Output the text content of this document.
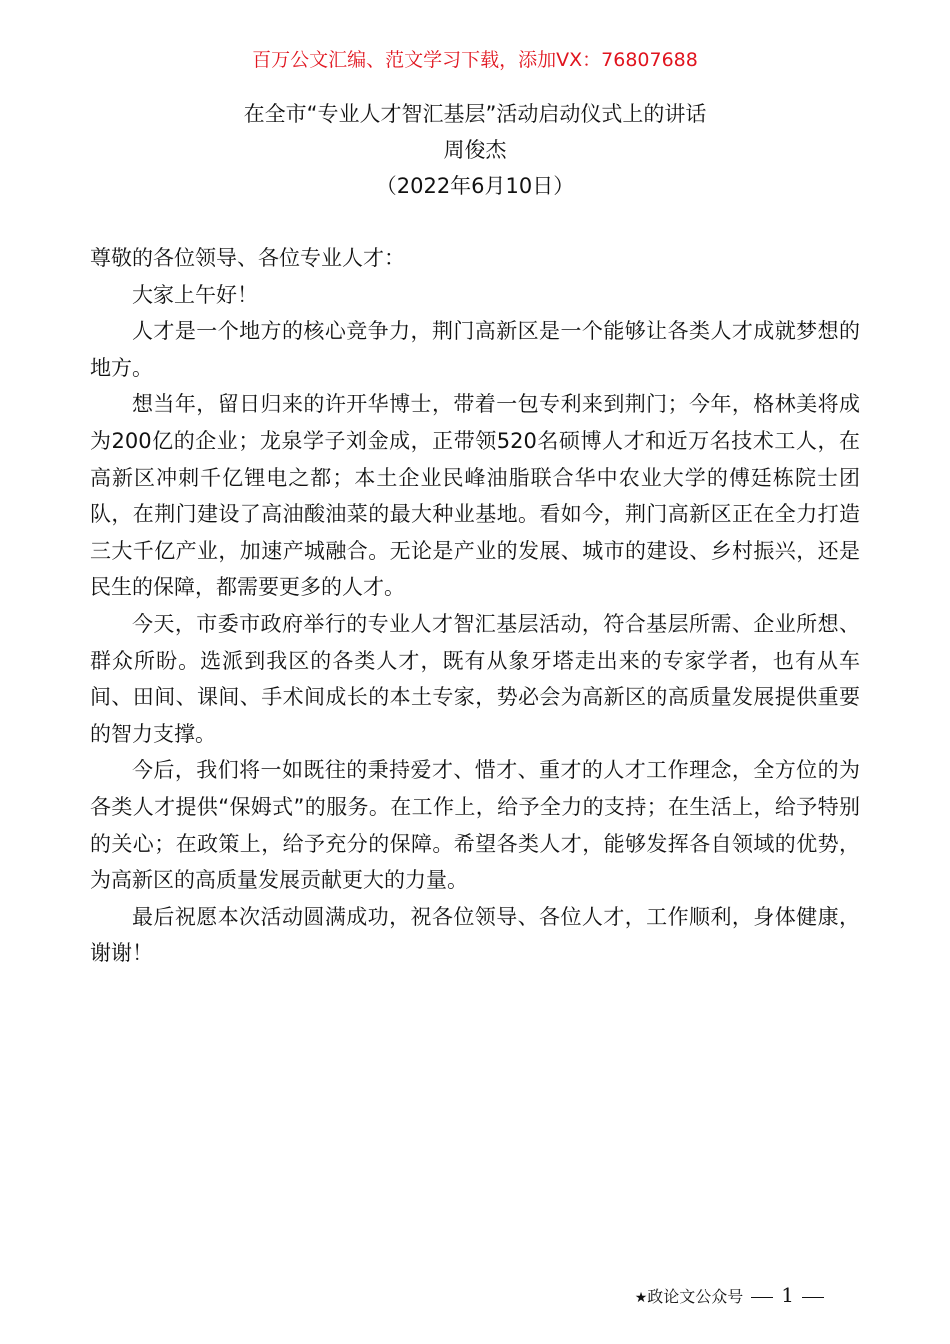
百万公文汇编、范文学习下载，添加VX：76807688
在全市“专业人才智汇基层”活动启动仪式上的讲话
周俊杰
（2022年6月10日）

尊敬的各位领导、各位专业人才：

大家上午好！

人才是一个地方的核心竞争力，荆门高新区是一个能够让各类人才成就梦想的地方。

想当年，留日归来的许开华博士，带着一包专利来到荆门；今年，格林美将成为200亿的企业；龙泉学子刘金成，正带领520名硕博人才和近万名技术工人，在高新区冲刺千亿锂电之都；本土企业民峰油脂联合华中农业大学的傅廷栋院士团队，在荆门建设了高油酸油菜的最大种业基地。看如今，荆门高新区正在全力打造三大千亿产业，加速产城融合。无论是产业的发展、城市的建设、乡村振兴，还是民生的保障，都需要更多的人才。

今天，市委市政府举行的专业人才智汇基层活动，符合基层所需、企业所想、群众所盼。选派到我区的各类人才，既有从象牙塔走出来的专家学者，也有从车间、田间、课间、手术间成长的本土专家，势必会为高新区的高质量发展提供重要的智力支撑。

今后，我们将一如既往的秉持爱才、惜才、重才的人才工作理念，全方位的为各类人才提供“保姆式”的服务。在工作上，给予全力的支持；在生活上，给予特别的关心；在政策上，给予充分的保障。希望各类人才，能够发挥各自领域的优势，为高新区的高质量发展贡献更大的力量。

最后祝愿本次活动圆满成功，祝各位领导、各位人才，工作顺利，身体健康，谢谢！

★政论文公众号 1
